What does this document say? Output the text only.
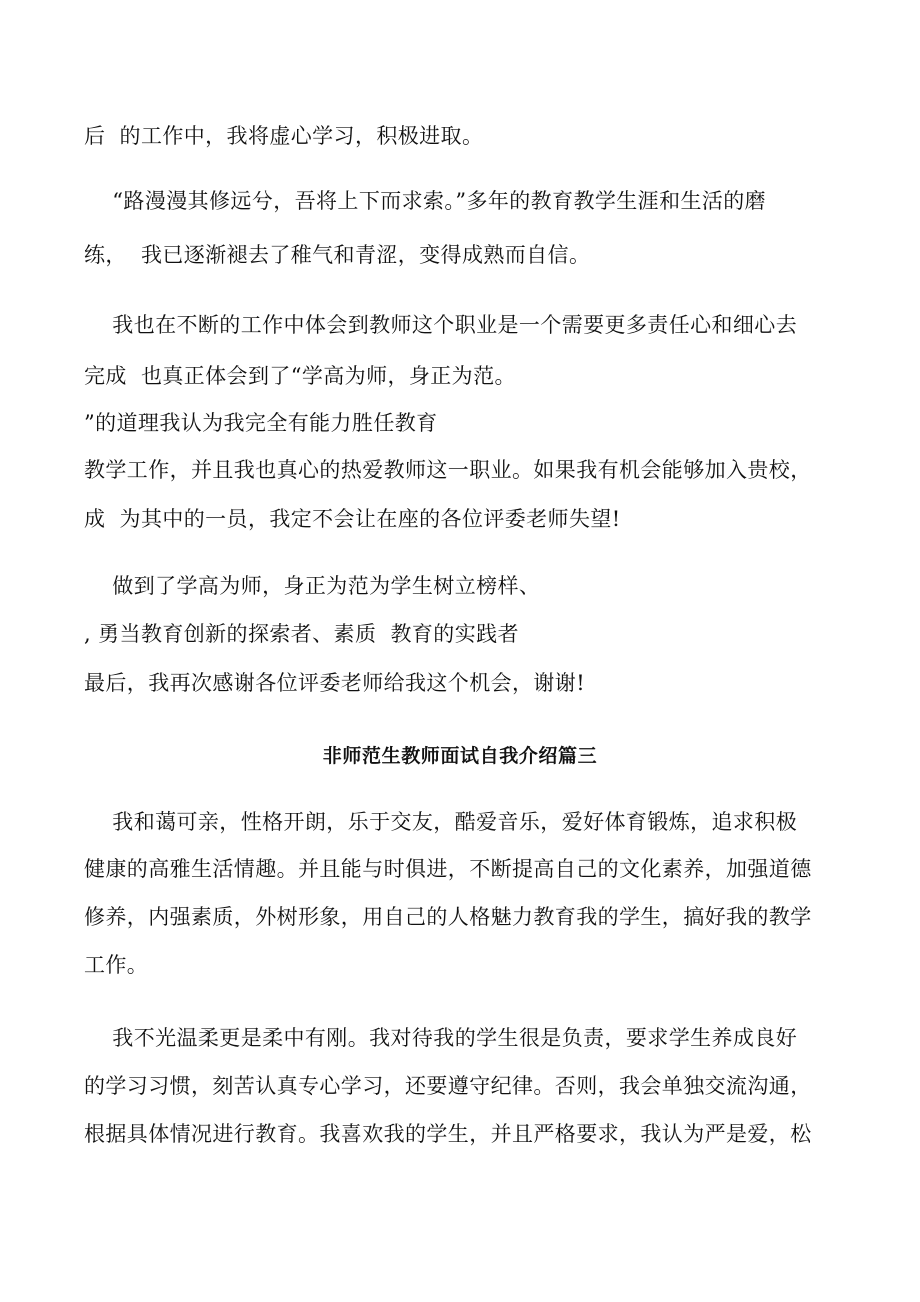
后  的工作中，我将虚心学习，积极进取。
“路漫漫其修远兮，吾将上下而求索。”多年的教育教学生涯和生活的磨
练，  我已逐渐褪去了稚气和青涩，变得成熟而自信。
我也在不断的工作中体会到教师这个职业是一个需要更多责任心和细心去
完成  也真正体会到了“学高为师，身正为范。
”的道理我认为我完全有能力胜任教育
教学工作，并且我也真心的热爱教师这一职业。如果我有机会能够加入贵校，
成  为其中的一员，我定不会让在座的各位评委老师失望!
做到了学高为师，身正为范为学生树立榜样、
, 勇当教育创新的探索者、素质  教育的实践者
最后，我再次感谢各位评委老师给我这个机会，谢谢!
非师范生教师面试自我介绍篇三
我和蔼可亲，性格开朗，乐于交友，酷爱音乐，爱好体育锻炼，追求积极
健康的高雅生活情趣。并且能与时俱进，不断提高自己的文化素养，加强道德
修养，内强素质，外树形象，用自己的人格魅力教育我的学生，搞好我的教学
工作。
我不光温柔更是柔中有刚。我对待我的学生很是负责，要求学生养成良好
的学习习惯，刻苦认真专心学习，还要遵守纪律。否则，我会单独交流沟通，
根据具体情况进行教育。我喜欢我的学生，并且严格要求，我认为严是爱，松
